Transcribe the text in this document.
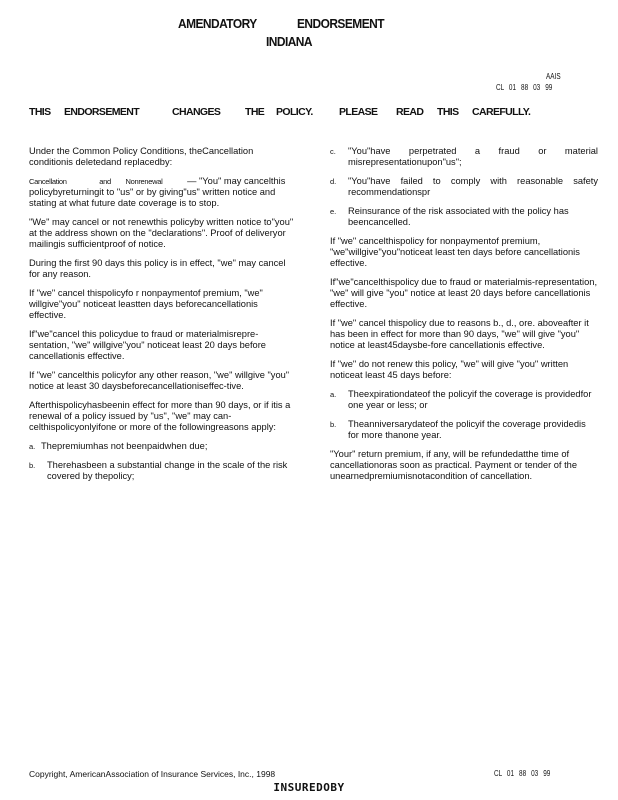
AMENDATORY	ENDORSEMENT
INDIANA
AAIS
CL 01 88 03 99
THIS ENDORSEMENT	CHANGES THE POLICY.	PLEASE READ THIS CAREFULLY.

Under the Common Policy Conditions, theCancellation conditionis deletedand replacedby:

Cancellation	and Nonrenewal	— "You" may cancelthis policybyreturningit to "us" or by giving"us" written notice and stating at what future date coverage is to stop.

"We" may cancel or not renewthis policyby written notice to"you" at the address shown on the "declarations". Proof of deliveryor mailingis sufficientproof of notice.

During the first 90 days this policy is in effect, "we" may cancel for any reason.

If "we" cancel thispolicyfo r nonpaymentof premium, "we" willgive"you" noticeat leastten days beforecancellationis effective.

If"we"cancel this policydue to fraud or materialmisrepre-sentation, "we" willgive"you" noticeat least 20 days before cancellationis effective.

If "we" cancelthis policyfor any other reason, "we" willgive "you" notice at least 30 daysbeforecancellationiseffec-tive.

Afterthispolicyhasbeenin effect for more than 90 days, or if itis a renewal of a policy issued by "us", "we" may can-celthispolicyonlyifone or more of the followingreasons apply:

a. Thepremiumhas not beenpaidwhen due;
b. Therehasbeen a substantial change in the scale of the risk covered by thepolicy;
c. "You"have perpetrated a fraud or material misrepresentationupon"us";
d. "You"have failed to comply with reasonable safety recommendationspr
e. Reinsurance of the risk associated with the policy has beencancelled.

If "we" cancelthispolicy for nonpaymentof premium, "we"willgive"you"noticeat least ten days before cancellationis effective.

If"we"cancelthispolicy due to fraud or materialmis-representation, "we" will give "you" notice at least 20 days before cancellationis effective.

If "we" cancel thispolicy due to reasons b., d., ore. aboveafter it has been in effect for more than 90 days, "we" will give "you" notice at least45daysbe-fore cancellationis effective.

If "we" do not renew this policy, "we" will give "you" written noticeat least 45 days before:

a. Theexpirationdateof the policyif the coverage is providedfor one year or less; or
b. Theanniversarydateof the policyif the coverage providedis for more thanone year.

"Your" return premium, if any, will be refundedatthe time of cancellationoras soon as practical. Payment or tender of the unearnedpremiumisnotacondition of cancellation.

Copyright, AmericanAssociation of Insurance Services, Inc., 1998	CL 01 88 03 99
INSUREDOBY
